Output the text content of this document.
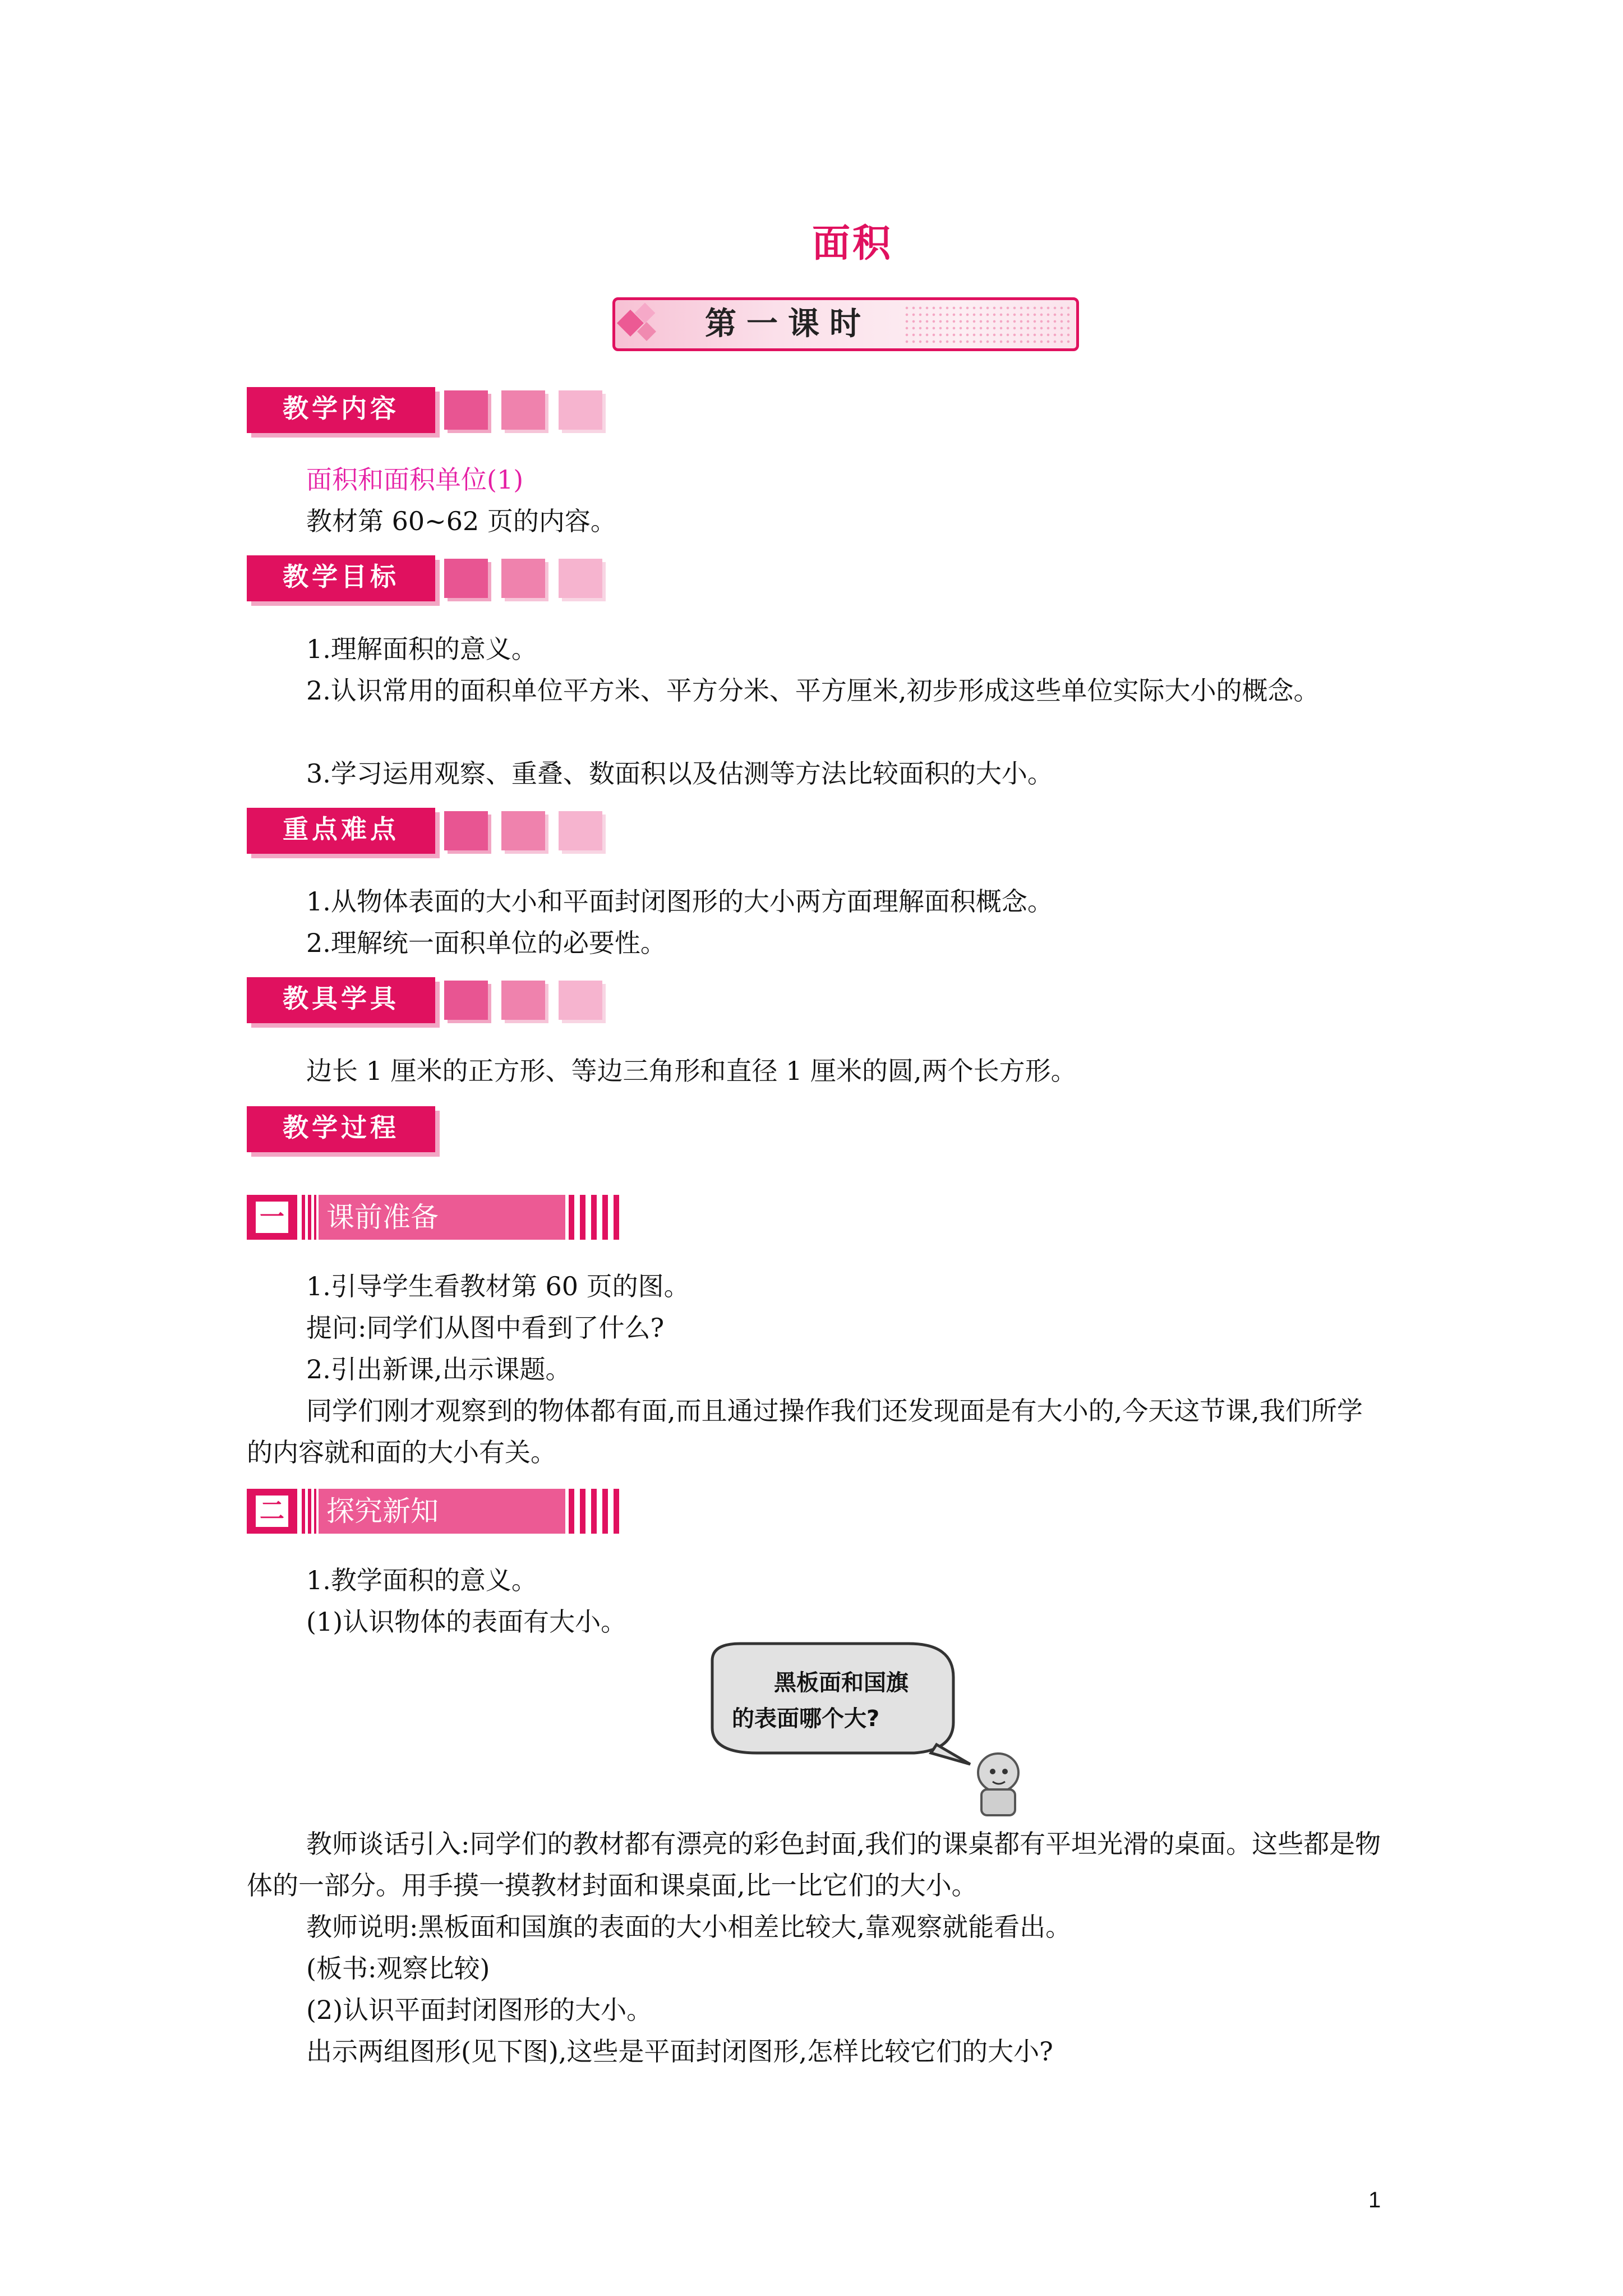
面积
第一课时
教学内容
面积和面积单位(1)
教材第 60~62 页的内容。
教学目标
1.理解面积的意义。
2.认识常用的面积单位平方米、平方分米、平方厘米,初步形成这些单位实际大小的概念。
3.学习运用观察、重叠、数面积以及估测等方法比较面积的大小。
重点难点
1.从物体表面的大小和平面封闭图形的大小两方面理解面积概念。
2.理解统一面积单位的必要性。
教具学具
边长 1 厘米的正方形、等边三角形和直径 1 厘米的圆,两个长方形。
教学过程
一 课前准备
1.引导学生看教材第 60 页的图。
提问:同学们从图中看到了什么?
2.引出新课,出示课题。
同学们刚才观察到的物体都有面,而且通过操作我们还发现面是有大小的,今天这节课,我们所学的内容就和面的大小有关。
二 探究新知
1.教学面积的意义。
(1)认识物体的表面有大小。
黑板面和国旗
的表面哪个大?
教师谈话引入:同学们的教材都有漂亮的彩色封面,我们的课桌都有平坦光滑的桌面。这些都是物体的一部分。用手摸一摸教材封面和课桌面,比一比它们的大小。
教师说明:黑板面和国旗的表面的大小相差比较大,靠观察就能看出。
(板书:观察比较)
(2)认识平面封闭图形的大小。
出示两组图形(见下图),这些是平面封闭图形,怎样比较它们的大小?
1
